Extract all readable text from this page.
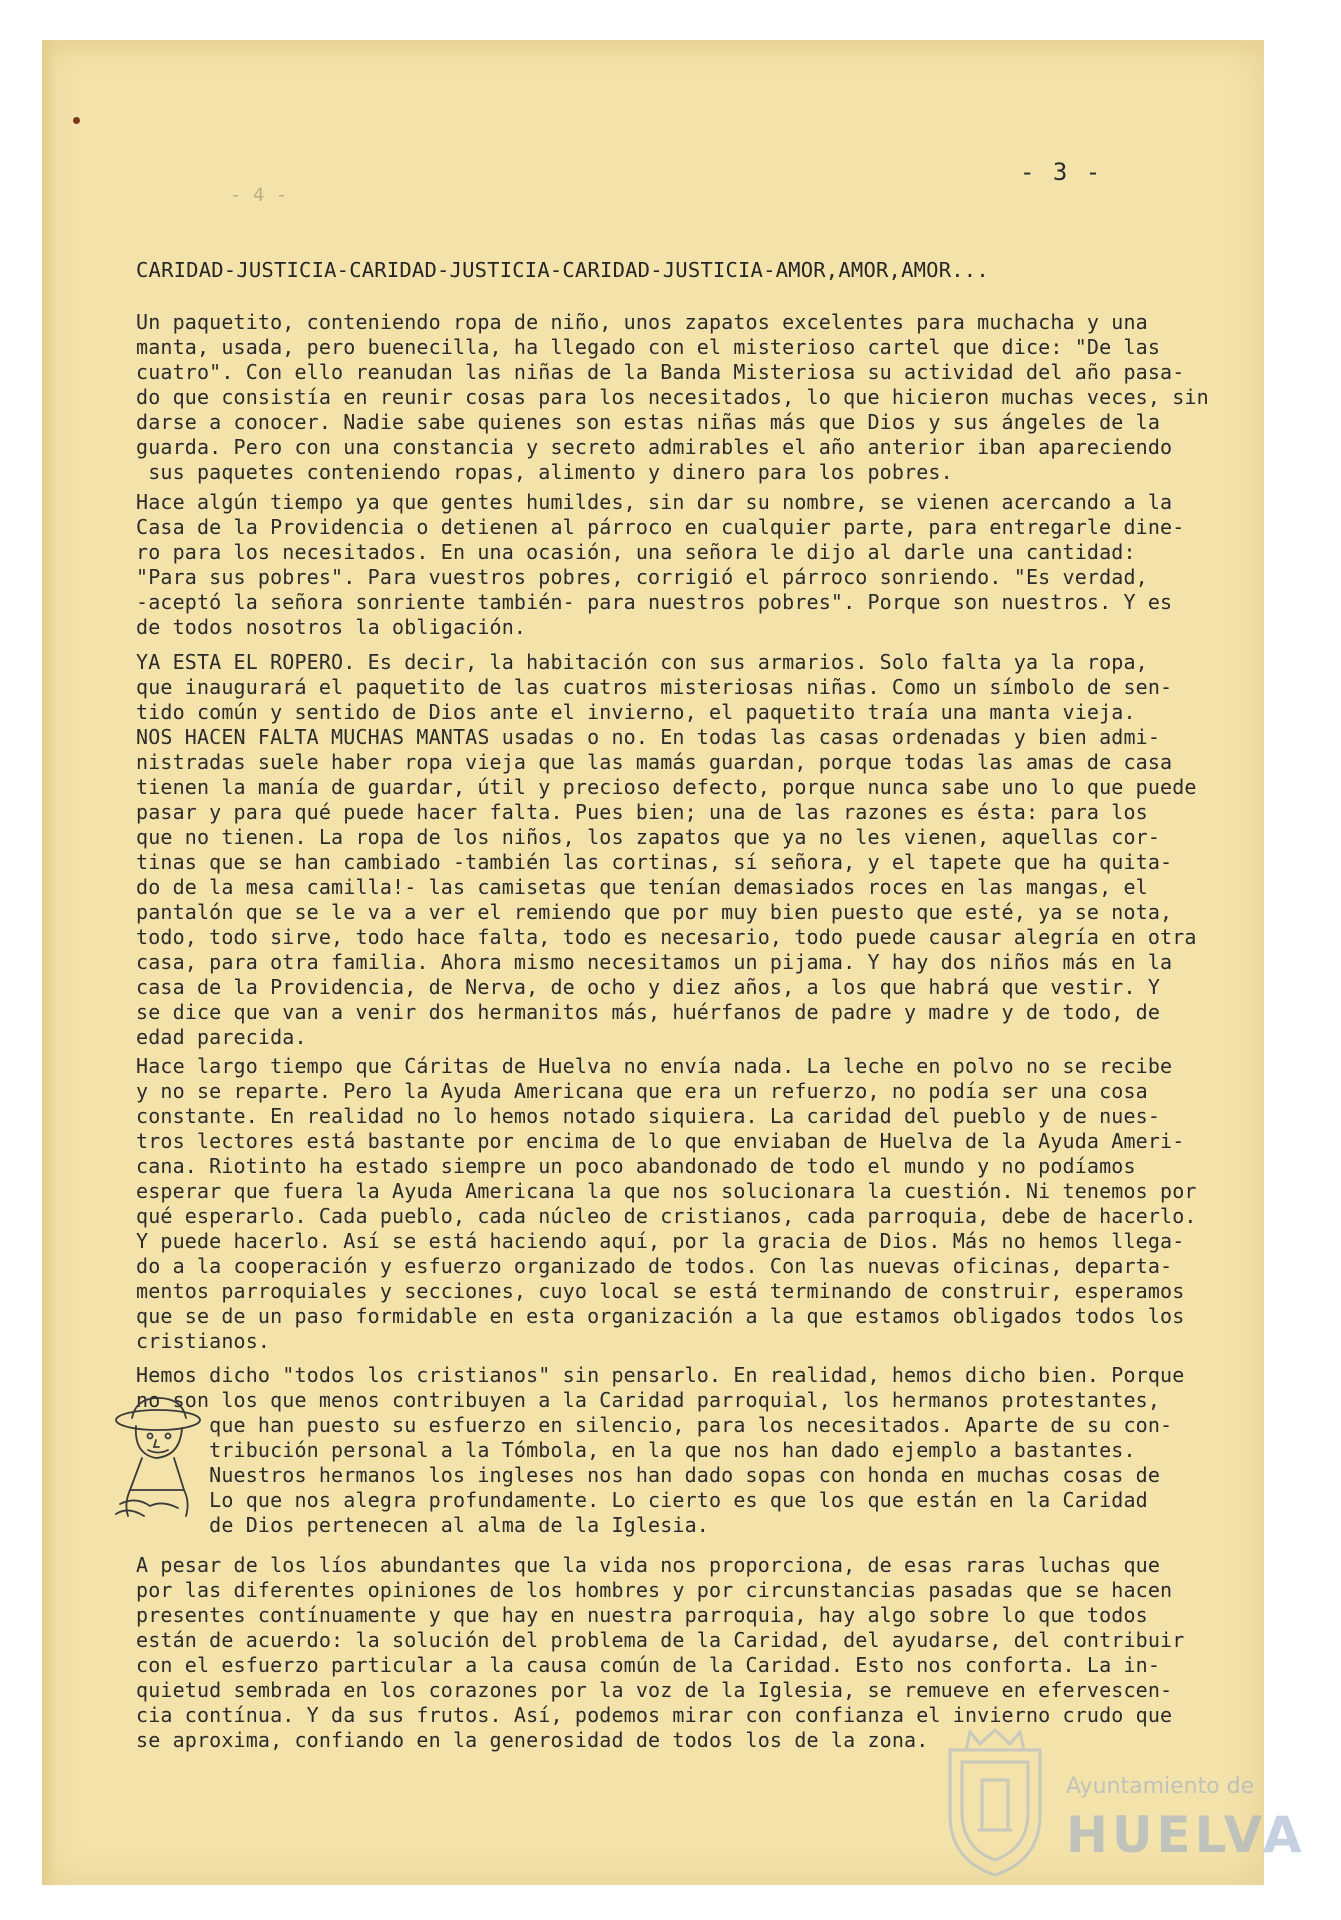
- 4 -
- 3 -
CARIDAD-JUSTICIA-CARIDAD-JUSTICIA-CARIDAD-JUSTICIA-AMOR,AMOR,AMOR...
Un paquetito, conteniendo ropa de niño, unos zapatos excelentes para muchacha y una
manta, usada, pero buenecilla, ha llegado con el misterioso cartel que dice: "De las
cuatro". Con ello reanudan las niñas de la Banda Misteriosa su actividad del año pasa-
do que consistía en reunir cosas para los necesitados, lo que hicieron muchas veces, sin
darse a conocer. Nadie sabe quienes son estas niñas más que Dios y sus ángeles de la
guarda. Pero con una constancia y secreto admirables el año anterior iban apareciendo
sus paquetes conteniendo ropas, alimento y dinero para los pobres.
Hace algún tiempo ya que gentes humildes, sin dar su nombre, se vienen acercando a la
Casa de la Providencia o detienen al párroco en cualquier parte, para entregarle dine-
ro para los necesitados. En una ocasión, una señora le dijo al darle una cantidad:
"Para sus pobres". Para vuestros pobres, corrigió el párroco sonriendo. "Es verdad,
-aceptó la señora sonriente también- para nuestros pobres". Porque son nuestros. Y es
de todos nosotros la obligación.
YA ESTA EL ROPERO. Es decir, la habitación con sus armarios. Solo falta ya la ropa,
que inaugurará el paquetito de las cuatros misteriosas niñas. Como un símbolo de sen-
tido común y sentido de Dios ante el invierno, el paquetito traía una manta vieja.
NOS HACEN FALTA MUCHAS MANTAS usadas o no. En todas las casas ordenadas y bien admi-
nistradas suele haber ropa vieja que las mamás guardan, porque todas las amas de casa
tienen la manía de guardar, útil y precioso defecto, porque nunca sabe uno lo que puede
pasar y para qué puede hacer falta. Pues bien; una de las razones es ésta: para los
que no tienen. La ropa de los niños, los zapatos que ya no les vienen, aquellas cor-
tinas que se han cambiado -también las cortinas, sí señora, y el tapete que ha quita-
do de la mesa camilla!- las camisetas que tenían demasiados roces en las mangas, el
pantalón que se le va a ver el remiendo que por muy bien puesto que esté, ya se nota,
todo, todo sirve, todo hace falta, todo es necesario, todo puede causar alegría en otra
casa, para otra familia. Ahora mismo necesitamos un pijama. Y hay dos niños más en la
casa de la Providencia, de Nerva, de ocho y diez años, a los que habrá que vestir. Y
se dice que van a venir dos hermanitos más, huérfanos de padre y madre y de todo, de
edad parecida.
Hace largo tiempo que Cáritas de Huelva no envía nada. La leche en polvo no se recibe
y no se reparte. Pero la Ayuda Americana que era un refuerzo, no podía ser una cosa
constante. En realidad no lo hemos notado siquiera. La caridad del pueblo y de nues-
tros lectores está bastante por encima de lo que enviaban de Huelva de la Ayuda Ameri-
cana. Riotinto ha estado siempre un poco abandonado de todo el mundo y no podíamos
esperar que fuera la Ayuda Americana la que nos solucionara la cuestión. Ni tenemos por
qué esperarlo. Cada pueblo, cada núcleo de cristianos, cada parroquia, debe de hacerlo.
Y puede hacerlo. Así se está haciendo aquí, por la gracia de Dios. Más no hemos llega-
do a la cooperación y esfuerzo organizado de todos. Con las nuevas oficinas, departa-
mentos parroquiales y secciones, cuyo local se está terminando de construir, esperamos
que se de un paso formidable en esta organización a la que estamos obligados todos los
cristianos.
Hemos dicho "todos los cristianos" sin pensarlo. En realidad, hemos dicho bien. Porque
no son los que menos contribuyen a la Caridad parroquial, los hermanos protestantes,
que han puesto su esfuerzo en silencio, para los necesitados. Aparte de su con-
tribución personal a la Tómbola, en la que nos han dado ejemplo a bastantes.
Nuestros hermanos los ingleses nos han dado sopas con honda en muchas cosas de
Lo que nos alegra profundamente. Lo cierto es que los que están en la Caridad
de Dios pertenecen al alma de la Iglesia.
A pesar de los líos abundantes que la vida nos proporciona, de esas raras luchas que
por las diferentes opiniones de los hombres y por circunstancias pasadas que se hacen
presentes contínuamente y que hay en nuestra parroquia, hay algo sobre lo que todos
están de acuerdo: la solución del problema de la Caridad, del ayudarse, del contribuir
con el esfuerzo particular a la causa común de la Caridad. Esto nos conforta. La in-
quietud sembrada en los corazones por la voz de la Iglesia, se remueve en efervescen-
cia contínua. Y da sus frutos. Así, podemos mirar con confianza el invierno crudo que
se aproxima, confiando en la generosidad de todos los de la zona.
Ayuntamiento de
HUELVA
